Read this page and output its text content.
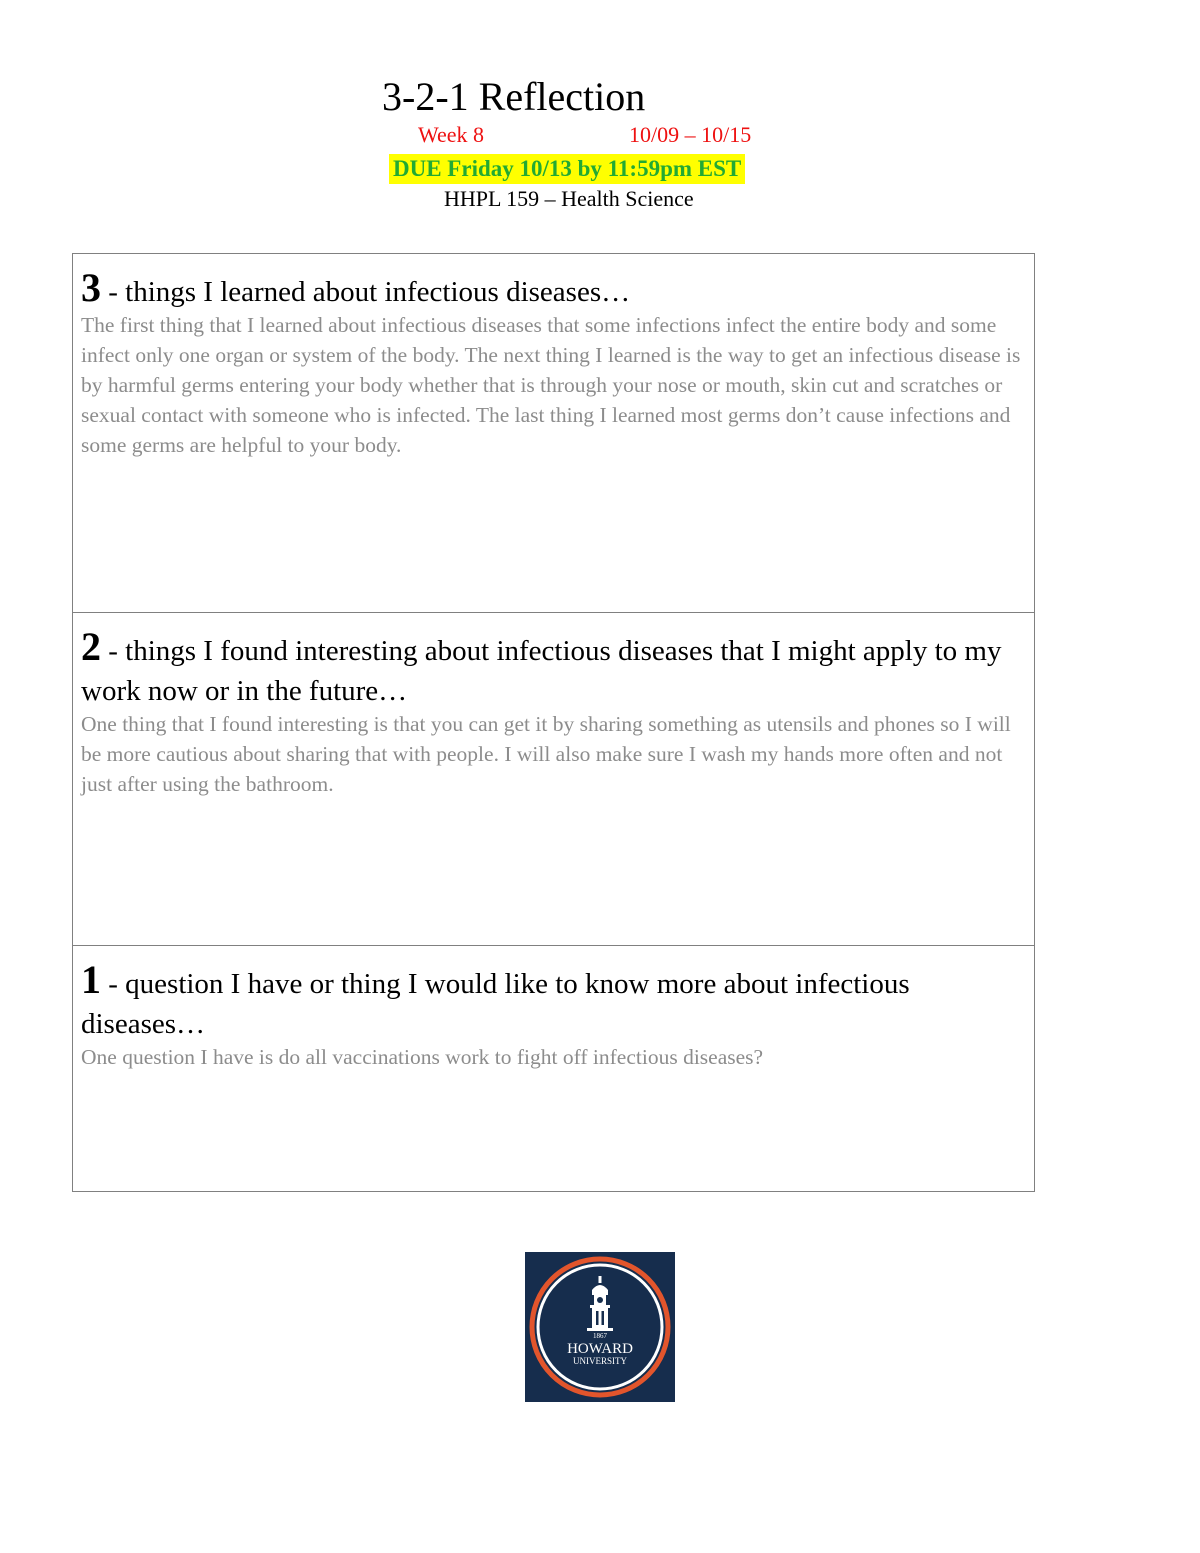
3-2-1 Reflection
Week 8	10/09 – 10/15
DUE Friday 10/13 by 11:59pm EST
HHPL 159 – Health Science

3 - things I learned about infectious diseases…

The first thing that I learned about infectious diseases that some infections infect the entire body and some infect only one organ or system of the body. The next thing I learned is the way to get an infectious disease is by harmful germs entering your body whether that is through your nose or mouth, skin cut and scratches or sexual contact with someone who is infected. The last thing I learned most germs don’t cause infections and some germs are helpful to your body.

2 - things I found interesting about infectious diseases that I might apply to my work now or in the future…

One thing that I found interesting is that you can get it by sharing something as utensils and phones so I will be more cautious about sharing that with people. I will also make sure I wash my hands more often and not just after using the bathroom.

1 - question I have or thing I would like to know more about infectious diseases…

One question I have is do all vaccinations work to fight off infectious diseases?

1867
HOWARD
UNIVERSITY
